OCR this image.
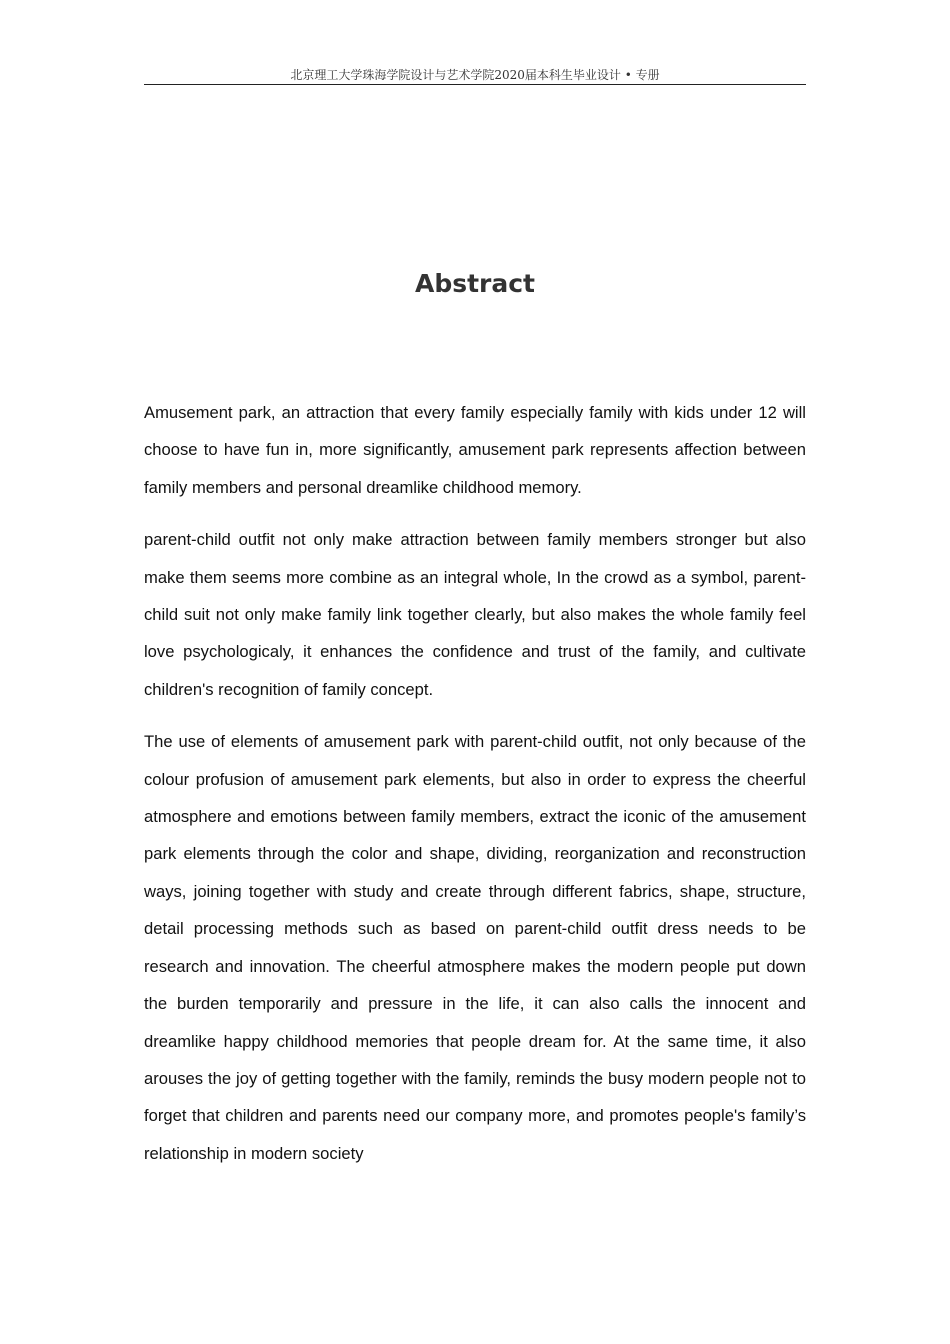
北京理工大学珠海学院设计与艺术学院2020届本科生毕业设计 • 专册
Abstract

Amusement park, an attraction that every family especially family with kids under 12 will choose to have fun in, more significantly, amusement park represents affection between family members and personal dreamlike childhood memory.

parent-child outfit not only make attraction between family members stronger but also make them seems more combine as an integral whole, In the crowd as a symbol, parent-child suit not only make family link together clearly, but also makes the whole family feel love psychologicaly, it enhances the confidence and trust of the family, and cultivate children's recognition of family concept.

The use of elements of amusement park with parent-child outfit, not only because of the colour profusion of amusement park elements, but also in order to express the cheerful atmosphere and emotions between family members, extract the iconic of the amusement park elements through the color and shape, dividing, reorganization and reconstruction ways, joining together with study and create through different fabrics, shape, structure, detail processing methods such as based on parent-child outfit dress needs to be research and innovation. The cheerful atmosphere makes the modern people put down the burden temporarily and pressure in the life, it can also calls the innocent and dreamlike happy childhood memories that people dream for. At the same time, it also arouses the joy of getting together with the family, reminds the busy modern people not to forget that children and parents need our company more, and promotes people's family’s relationship in modern society
